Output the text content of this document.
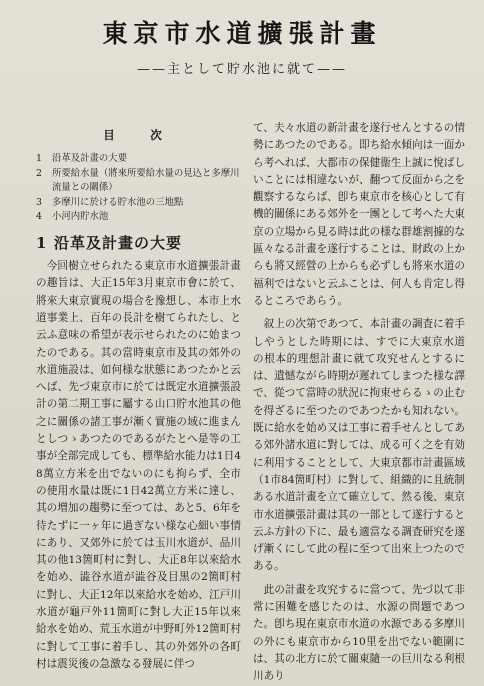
東京市水道擴張計畫
——主として貯水池に就て——
目　次
1	沿革及計畫の大要
2	所要給水量（將來所要給水量の見込と多摩川流量との關係）
3	多摩川に於ける貯水池の三地點
4	小河内貯水池
1 沿革及計畫の大要
今回樹立せられたる東京市水道擴張計畫の趣旨は、大正15年3月東京市會に於て、將來大東京實現の場合を豫想し、本市上水道事業上、百年の長計を樹てられたし、と云ふ意味の希望が表示せられたのに始まつたのである。其の當時東京市及其の郊外の水道施設は、如何様な狀態にあつたかと云へば、先づ東京市に於ては既定水道擴張設計の第二期工事に屬する山口貯水池其の他之に關係の諸工事が漸く實施の域に進まんとしつゝあつたのであるがたとへ是等の工事が全部完成しても、標準給水能力は1日48萬立方米を出でないのにも拘らず、全市の使用水量は既に1日42萬立方米に達し、其の増加の趨勢に至つては、あと5、6年を待たずに一ヶ年に過ぎない様な心細い事情にあり、又郊外に於ては玉川水道が、品川其の他13箇町村に對し、大正8年以來給水を始め、澁谷水道が澁谷及目黒の2箇町村に對し、大正12年以來給水を始め、江戸川水道が龜戸外11箇町に對し大正15年以來給水を始め、荒玉水道が中野町外12箇町村に對して工事に着手し、其の外郊外の各町村は震災後の急激なる發展に伴つ
て、夫々水道の新計畫を遂行せんとするの情勢にあつたのである。即ち給水傾向は一面から考へれば、大都市の保健衞生上誠に悅ばしいことには相違ないが、翻つて反面から之を觀察するならば、卽ち東京市を核心として有機的關係にある郊外を一團として考へた大東京の立場から見る時は此の様な群雄割據的な區々なる計畫を遂行することは、財政の上からも將又經營の上からも必ずしも將來水道の福利ではないと云ふことは、何人も肯定し得るところであらう。
叙上の次第であつて、本計畫の調査に着手しやうとした時期には、すでに大東京水道の根本的理想計畫に就て攻究せんとするには、遺憾ながら時期が遲れてしまつた様な譯で、從つて當時の狀況に拘束せらるゝの止むを得ざるに至つたのであつたかも知れない。既に給水を始め又は工事に着手せんとしてある郊外諸水道に對しては、成る可く之を有効に利用することとして、大東京都市計畫區域（1市84箇町村）に對して、組織的に且統制ある水道計畫を立て確立して、然る後、東京市水道擴張計畫は其の一部として遂行すると云ふ方針の下に、最も適當なる調査研究を遂げ漸くにして此の程に至つて出來上つたのである。
此の計畫を攻究するに當つて、先づ以て非常に困難を感じたのは、水源の問題であつた。卽ち現在東京市水道の水源である多摩川の外にも東京市から10里を出でない範圍には、其の北方に於て關東隨一の巨川なる利根川あり
